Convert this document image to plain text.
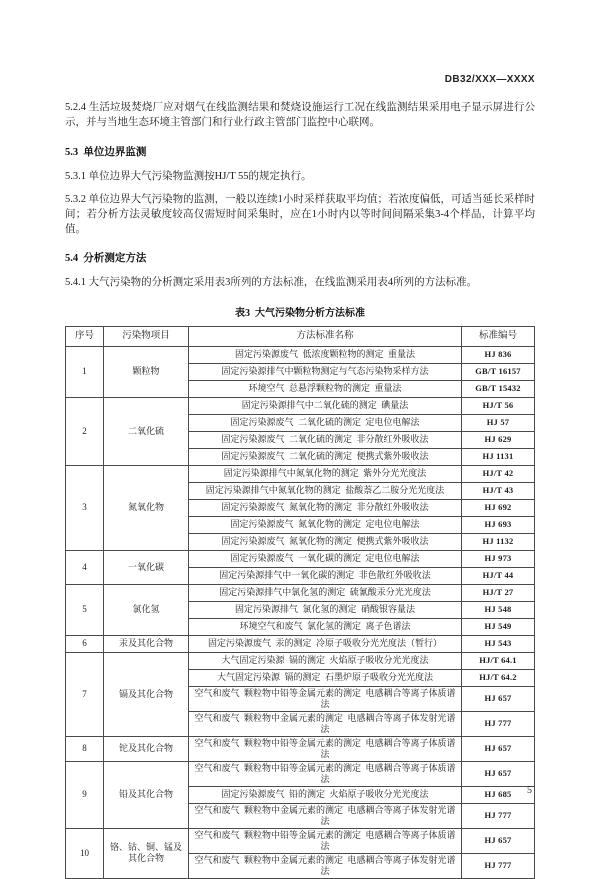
DB32/XXX—XXXX

5.2.4 生活垃圾焚烧厂应对烟气在线监测结果和焚烧设施运行工况在线监测结果采用电子显示屏进行公示，并与当地生态环境主管部门和行业行政主管部门监控中心联网。

5.3  单位边界监测

5.3.1 单位边界大气污染物监测按HJ/T 55的规定执行。

5.3.2 单位边界大气污染物的监测，一般以连续1小时采样获取平均值；若浓度偏低，可适当延长采样时间；若分析方法灵敏度较高仅需短时间采集时，应在1小时内以等时间间隔采集3-4个样品，计算平均值。

5.4  分析测定方法

5.4.1 大气污染物的分析测定采用表3所列的方法标准，在线监测采用表4所列的方法标准。

表3  大气污染物分析方法标准
序号	污染物项目	方法标准名称	标准编号
1	颗粒物	固定污染源废气  低浓度颗粒物的测定  重量法	HJ 836
		固定污染源排气中颗粒物测定与气态污染物采样方法	GB/T 16157
		环境空气  总悬浮颗粒物的测定  重量法	GB/T 15432
2	二氧化硫	固定污染源排气中二氧化硫的测定  碘量法	HJ/T 56
		固定污染源废气  二氧化硫的测定  定电位电解法	HJ 57
		固定污染源废气  二氧化硫的测定  非分散红外吸收法	HJ 629
		固定污染源废气  二氧化硫的测定  便携式紫外吸收法	HJ 1131
3	氮氧化物	固定污染源排气中氮氧化物的测定  紫外分光光度法	HJ/T 42
		固定污染源排气中氮氧化物的测定  盐酸萘乙二胺分光光度法	HJ/T 43
		固定污染源废气  氮氧化物的测定  非分散红外吸收法	HJ 692
		固定污染源废气  氮氧化物的测定  定电位电解法	HJ 693
		固定污染源废气  氮氧化物的测定  便携式紫外吸收法	HJ 1132
4	一氧化碳	固定污染源废气  一氧化碳的测定  定电位电解法	HJ 973
		固定污染源排气中一氧化碳的测定  非色散红外吸收法	HJ/T 44
5	氯化氢	固定污染源排气中氯化氢的测定  硫氰酸汞分光光度法	HJ/T 27
		固定污染源排气  氯化氢的测定  硝酸银容量法	HJ 548
		环境空气和废气  氯化氢的测定  离子色谱法	HJ 549
6	汞及其化合物	固定污染源废气  汞的测定  冷原子吸收分光光度法（暂行）	HJ 543
7	镉及其化合物	大气固定污染源  镉的测定  火焰原子吸收分光光度法	HJ/T 64.1
		大气固定污染源  镉的测定  石墨炉原子吸收分光光度法	HJ/T 64.2
		空气和废气  颗粒物中铅等金属元素的测定  电感耦合等离子体质谱法	HJ 657
		空气和废气  颗粒物中金属元素的测定  电感耦合等离子体发射光谱法	HJ 777
8	铊及其化合物	空气和废气  颗粒物中铅等金属元素的测定  电感耦合等离子体质谱法	HJ 657
9	铅及其化合物	空气和废气  颗粒物中铅等金属元素的测定  电感耦合等离子体质谱法	HJ 657
		固定污染源废气  铅的测定  火焰原子吸收分光光度法	HJ 685
		空气和废气  颗粒物中金属元素的测定  电感耦合等离子体发射光谱法	HJ 777
10	铬、钴、铜、锰及其化合物	空气和废气  颗粒物中铅等金属元素的测定  电感耦合等离子体质谱法	HJ 657
		空气和废气  颗粒物中金属元素的测定  电感耦合等离子体发射光谱法	HJ 777
5
